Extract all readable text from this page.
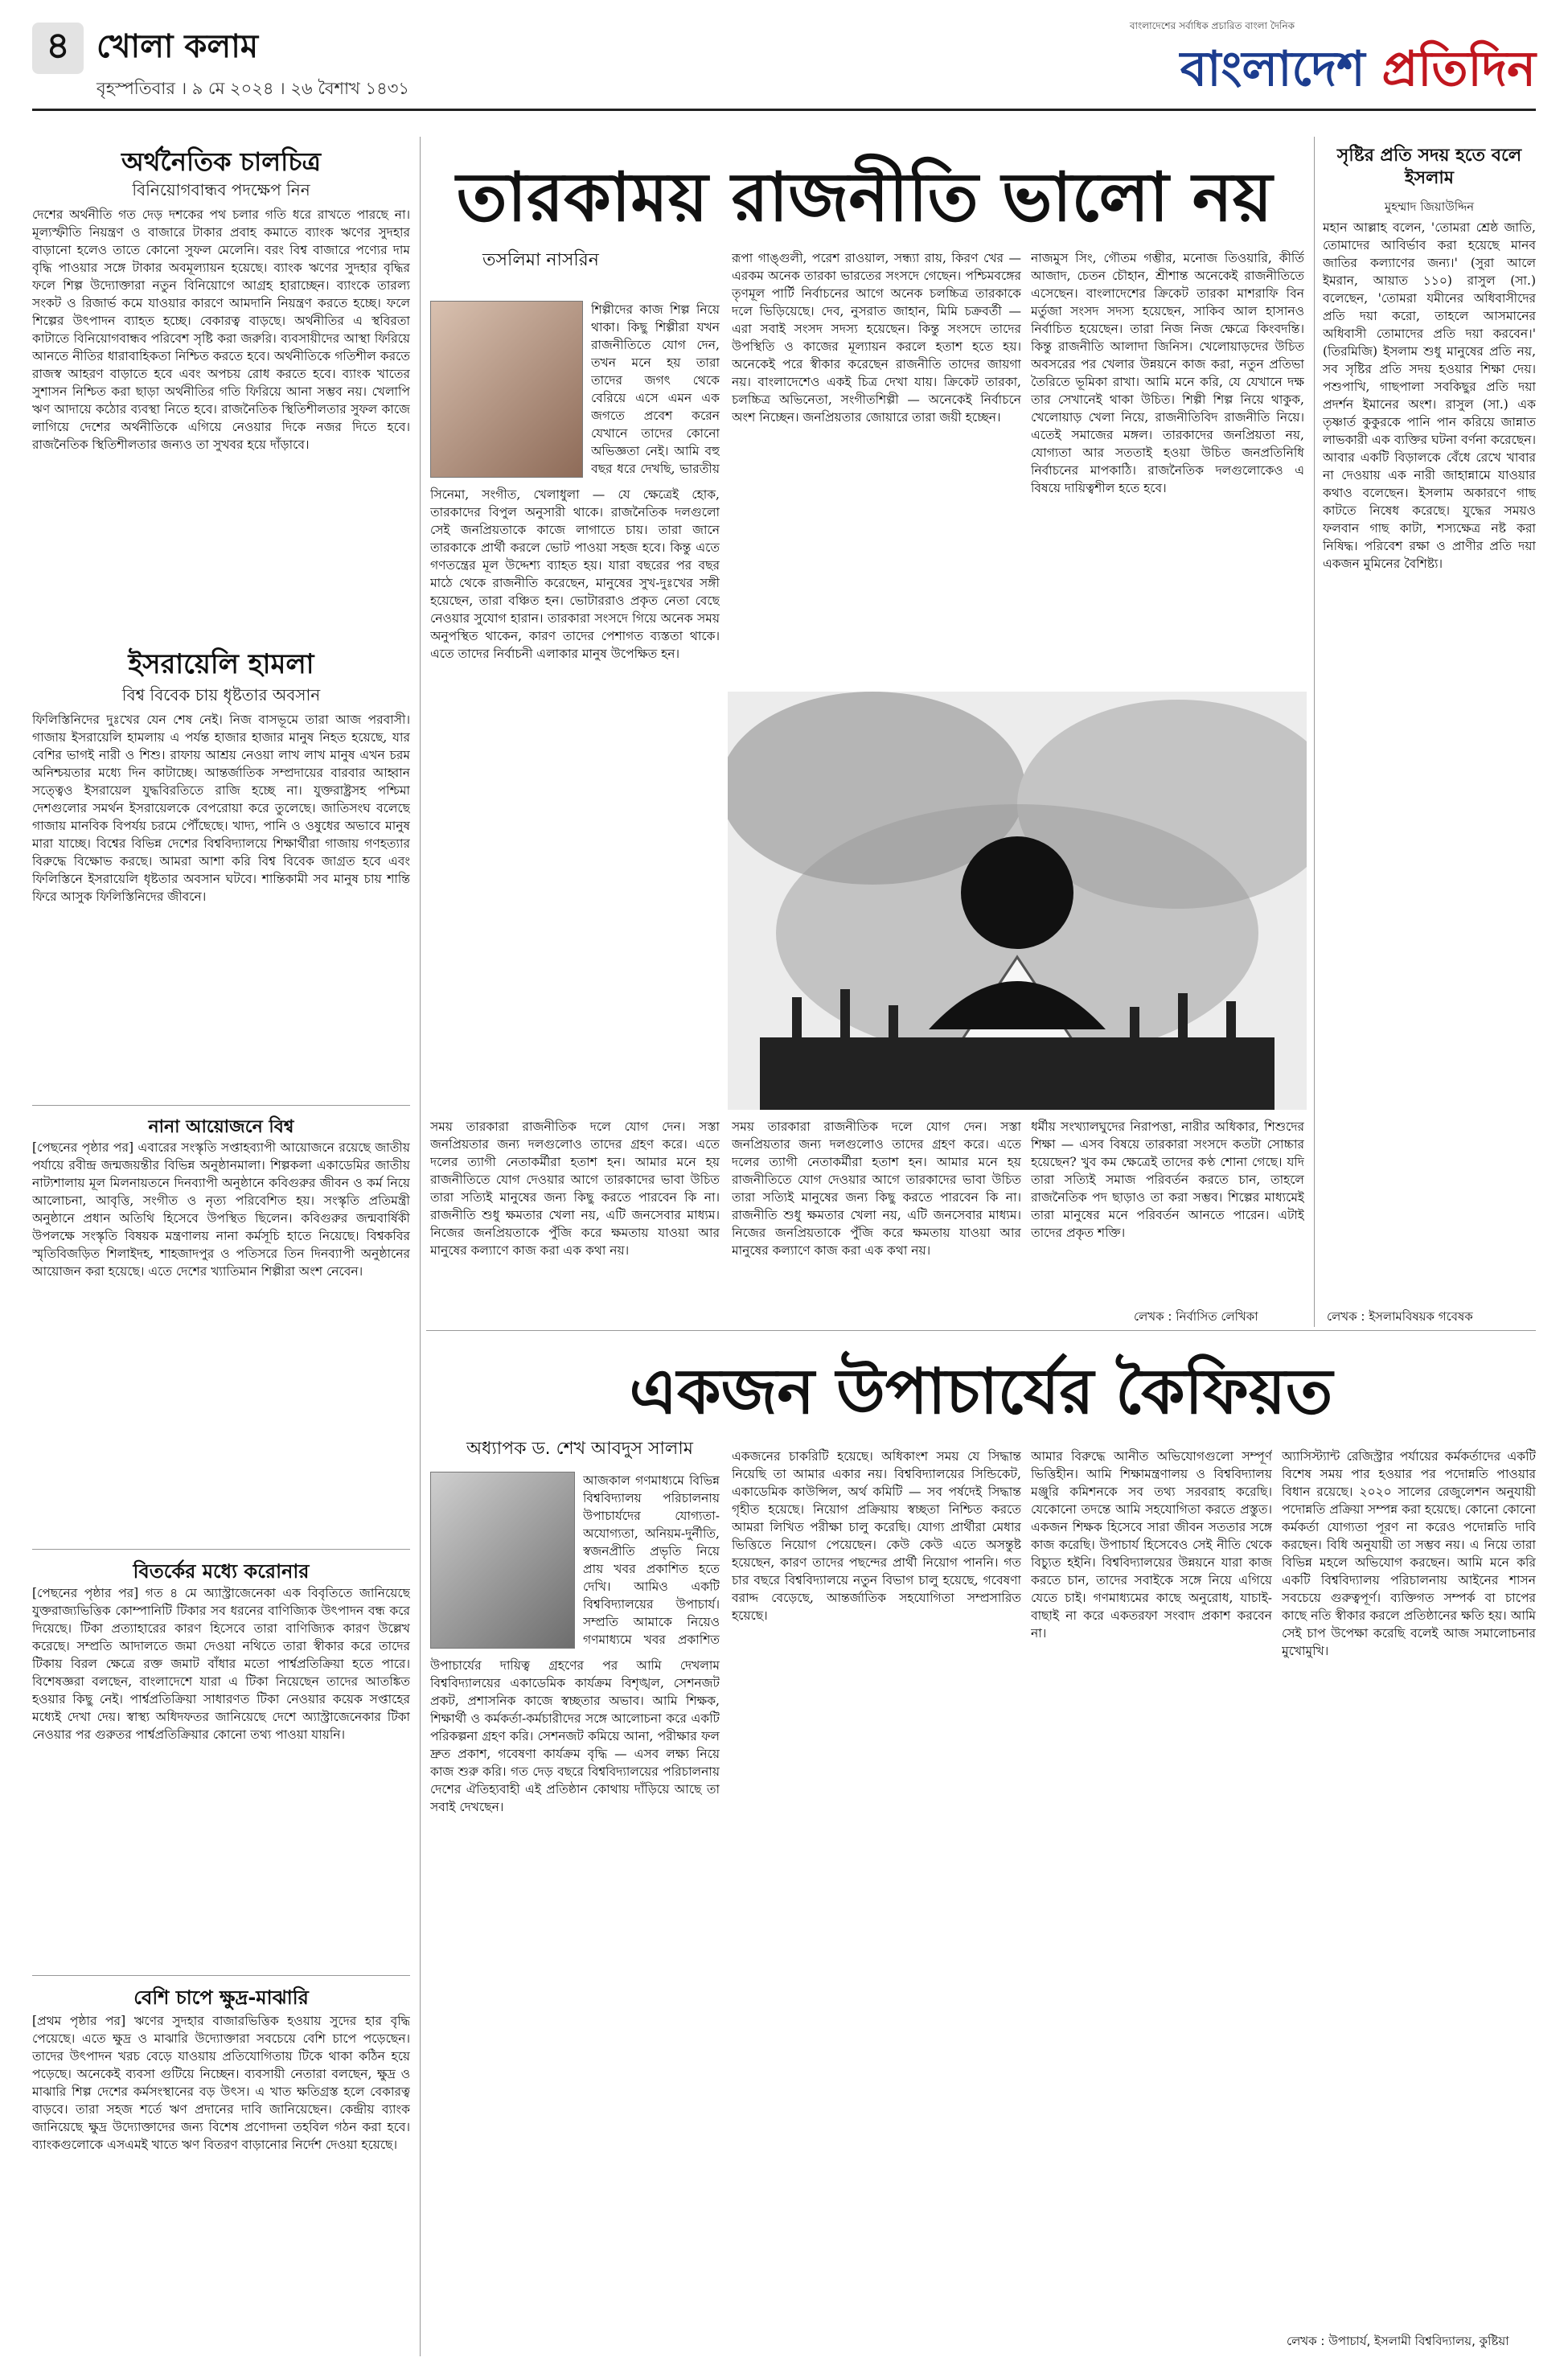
৪ খোলা কলাম
বৃহস্পতিবার । ৯ মে ২০২৪ । ২৬ বৈশাখ ১৪৩১
বাংলাদেশের সর্বাধিক প্রচারিত বাংলা দৈনিক
বাংলাদেশ প্রতিদিন
অর্থনৈতিক চালচিত্র
বিনিয়োগবান্ধব পদক্ষেপ নিন
দেশের অর্থনীতি গত দেড় দশকের পথ চলার গতি ধরে রাখতে পারছে না। মূল্যস্ফীতি নিয়ন্ত্রণ ও বাজারে টাকার প্রবাহ কমাতে ব্যাংক ঋণের সুদহার বাড়ানো হলেও তাতে কোনো সুফল মেলেনি। বরং বিশ্ব বাজারে পণ্যের দাম বৃদ্ধি পাওয়ার সঙ্গে টাকার অবমূল্যায়ন হয়েছে। ব্যাংক ঋণের সুদহার বৃদ্ধির ফলে শিল্প উদ্যোক্তারা নতুন বিনিয়োগে আগ্রহ হারাচ্ছেন। ব্যাংকে তারল্য সংকট ও রিজার্ভ কমে যাওয়ার কারণে আমদানি নিয়ন্ত্রণ করতে হচ্ছে। ফলে শিল্পের উৎপাদন ব্যাহত হচ্ছে। বেকারত্ব বাড়ছে। অর্থনীতির এ স্থবিরতা কাটাতে বিনিয়োগবান্ধব পরিবেশ সৃষ্টি করা জরুরি। ব্যবসায়ীদের আস্থা ফিরিয়ে আনতে নীতির ধারাবাহিকতা নিশ্চিত করতে হবে। অর্থনীতিকে গতিশীল করতে রাজস্ব আহরণ বাড়াতে হবে এবং অপচয় রোধ করতে হবে। ব্যাংক খাতের সুশাসন নিশ্চিত করা ছাড়া অর্থনীতির গতি ফিরিয়ে আনা সম্ভব নয়। খেলাপি ঋণ আদায়ে কঠোর ব্যবস্থা নিতে হবে। রাজনৈতিক স্থিতিশীলতার সুফল কাজে লাগিয়ে দেশের অর্থনীতিকে এগিয়ে নেওয়ার দিকে নজর দিতে হবে। রাজনৈতিক স্থিতিশীলতার জন্যও তা সুখবর হয়ে দাঁড়াবে।
ইসরায়েলি হামলা
বিশ্ব বিবেক চায় ধৃষ্টতার অবসান
ফিলিস্তিনিদের দুঃখের যেন শেষ নেই। নিজ বাসভূমে তারা আজ পরবাসী। গাজায় ইসরায়েলি হামলায় এ পর্যন্ত হাজার হাজার মানুষ নিহত হয়েছে, যার বেশির ভাগই নারী ও শিশু। রাফায় আশ্রয় নেওয়া লাখ লাখ মানুষ এখন চরম অনিশ্চয়তার মধ্যে দিন কাটাচ্ছে। আন্তর্জাতিক সম্প্রদায়ের বারবার আহ্বান সত্ত্বেও ইসরায়েল যুদ্ধবিরতিতে রাজি হচ্ছে না। যুক্তরাষ্ট্রসহ পশ্চিমা দেশগুলোর সমর্থন ইসরায়েলকে বেপরোয়া করে তুলেছে। জাতিসংঘ বলেছে গাজায় মানবিক বিপর্যয় চরমে পৌঁছেছে। খাদ্য, পানি ও ওষুধের অভাবে মানুষ মারা যাচ্ছে। বিশ্বের বিভিন্ন দেশের বিশ্ববিদ্যালয়ে শিক্ষার্থীরা গাজায় গণহত্যার বিরুদ্ধে বিক্ষোভ করছে। আমরা আশা করি বিশ্ব বিবেক জাগ্রত হবে এবং ফিলিস্তিনে ইসরায়েলি ধৃষ্টতার অবসান ঘটবে। শান্তিকামী সব মানুষ চায় শান্তি ফিরে আসুক ফিলিস্তিনিদের জীবনে।
নানা আয়োজনে বিশ্ব
[পেছনের পৃষ্ঠার পর] এবারের সংস্কৃতি সপ্তাহব্যাপী আয়োজনে রয়েছে জাতীয় পর্যায়ে রবীন্দ্র জন্মজয়ন্তীর বিভিন্ন অনুষ্ঠানমালা। শিল্পকলা একাডেমির জাতীয় নাট্যশালায় মূল মিলনায়তনে দিনব্যাপী অনুষ্ঠানে কবিগুরুর জীবন ও কর্ম নিয়ে আলোচনা, আবৃত্তি, সংগীত ও নৃত্য পরিবেশিত হয়। সংস্কৃতি প্রতিমন্ত্রী অনুষ্ঠানে প্রধান অতিথি হিসেবে উপস্থিত ছিলেন। কবিগুরুর জন্মবার্ষিকী উপলক্ষে সংস্কৃতি বিষয়ক মন্ত্রণালয় নানা কর্মসূচি হাতে নিয়েছে। বিশ্বকবির স্মৃতিবিজড়িত শিলাইদহ, শাহজাদপুর ও পতিসরে তিন দিনব্যাপী অনুষ্ঠানের আয়োজন করা হয়েছে। এতে দেশের খ্যাতিমান শিল্পীরা অংশ নেবেন।
বিতর্কের মধ্যে করোনার
[পেছনের পৃষ্ঠার পর] গত ৪ মে অ্যাস্ট্রাজেনেকা এক বিবৃতিতে জানিয়েছে যুক্তরাজ্যভিত্তিক কোম্পানিটি টিকার সব ধরনের বাণিজ্যিক উৎপাদন বন্ধ করে দিয়েছে। টিকা প্রত্যাহারের কারণ হিসেবে তারা বাণিজ্যিক কারণ উল্লেখ করেছে। সম্প্রতি আদালতে জমা দেওয়া নথিতে তারা স্বীকার করে তাদের টিকায় বিরল ক্ষেত্রে রক্ত জমাট বাঁধার মতো পার্শ্বপ্রতিক্রিয়া হতে পারে। বিশেষজ্ঞরা বলছেন, বাংলাদেশে যারা এ টিকা নিয়েছেন তাদের আতঙ্কিত হওয়ার কিছু নেই। পার্শ্বপ্রতিক্রিয়া সাধারণত টিকা নেওয়ার কয়েক সপ্তাহের মধ্যেই দেখা দেয়। স্বাস্থ্য অধিদফতর জানিয়েছে দেশে অ্যাস্ট্রাজেনেকার টিকা নেওয়ার পর গুরুতর পার্শ্বপ্রতিক্রিয়ার কোনো তথ্য পাওয়া যায়নি।
বেশি চাপে ক্ষুদ্র-মাঝারি
[প্রথম পৃষ্ঠার পর] ঋণের সুদহার বাজারভিত্তিক হওয়ায় সুদের হার বৃদ্ধি পেয়েছে। এতে ক্ষুদ্র ও মাঝারি উদ্যোক্তারা সবচেয়ে বেশি চাপে পড়েছেন। তাদের উৎপাদন খরচ বেড়ে যাওয়ায় প্রতিযোগিতায় টিকে থাকা কঠিন হয়ে পড়েছে। অনেকেই ব্যবসা গুটিয়ে নিচ্ছেন। ব্যবসায়ী নেতারা বলছেন, ক্ষুদ্র ও মাঝারি শিল্প দেশের কর্মসংস্থানের বড় উৎস। এ খাত ক্ষতিগ্রস্ত হলে বেকারত্ব বাড়বে। তারা সহজ শর্তে ঋণ প্রদানের দাবি জানিয়েছেন। কেন্দ্রীয় ব্যাংক জানিয়েছে ক্ষুদ্র উদ্যোক্তাদের জন্য বিশেষ প্রণোদনা তহবিল গঠন করা হবে। ব্যাংকগুলোকে এসএমই খাতে ঋণ বিতরণ বাড়ানোর নির্দেশ দেওয়া হয়েছে।
তারকাময় রাজনীতি ভালো নয়
তসলিমা নাসরিন
শিল্পীদের কাজ শিল্প নিয়ে থাকা। কিছু শিল্পীরা যখন রাজনীতিতে যোগ দেন, তখন মনে হয় তারা তাদের জগৎ থেকে বেরিয়ে এসে এমন এক জগতে প্রবেশ করেন যেখানে তাদের কোনো অভিজ্ঞতা নেই। আমি বহু বছর ধরে দেখছি, ভারতীয়
সিনেমা, সংগীত, খেলাধুলা — যে ক্ষেত্রেই হোক, তারকাদের বিপুল অনুসারী থাকে। রাজনৈতিক দলগুলো সেই জনপ্রিয়তাকে কাজে লাগাতে চায়। তারা জানে তারকাকে প্রার্থী করলে ভোট পাওয়া সহজ হবে। কিন্তু এতে গণতন্ত্রের মূল উদ্দেশ্য ব্যাহত হয়। যারা বছরের পর বছর মাঠে থেকে রাজনীতি করেছেন, মানুষের সুখ-দুঃখের সঙ্গী হয়েছেন, তারা বঞ্চিত হন। ভোটাররাও প্রকৃত নেতা বেছে নেওয়ার সুযোগ হারান। তারকারা সংসদে গিয়ে অনেক সময় অনুপস্থিত থাকেন, কারণ তাদের পেশাগত ব্যস্ততা থাকে। এতে তাদের নির্বাচনী এলাকার মানুষ উপেক্ষিত হন।
রূপা গাঙ্গুলী, পরেশ রাওয়াল, সন্ধ্যা রায়, কিরণ খের — এরকম অনেক তারকা ভারতের সংসদে গেছেন। পশ্চিমবঙ্গের তৃণমূল পার্টি নির্বাচনের আগে অনেক চলচ্চিত্র তারকাকে দলে ভিড়িয়েছে। দেব, নুসরাত জাহান, মিমি চক্রবর্তী — এরা সবাই সংসদ সদস্য হয়েছেন। কিন্তু সংসদে তাদের উপস্থিতি ও কাজের মূল্যায়ন করলে হতাশ হতে হয়। অনেকেই পরে স্বীকার করেছেন রাজনীতি তাদের জায়গা নয়। বাংলাদেশেও একই চিত্র দেখা যায়। ক্রিকেট তারকা, চলচ্চিত্র অভিনেতা, সংগীতশিল্পী — অনেকেই নির্বাচনে অংশ নিচ্ছেন। জনপ্রিয়তার জোয়ারে তারা জয়ী হচ্ছেন।
নাজমুস সিং, গৌতম গম্ভীর, মনোজ তিওয়ারি, কীর্তি আজাদ, চেতন চৌহান, শ্রীশান্ত অনেকেই রাজনীতিতে এসেছেন। বাংলাদেশের ক্রিকেট তারকা মাশরাফি বিন মর্তুজা সংসদ সদস্য হয়েছেন, সাকিব আল হাসানও নির্বাচিত হয়েছেন। তারা নিজ নিজ ক্ষেত্রে কিংবদন্তি। কিন্তু রাজনীতি আলাদা জিনিস। খেলোয়াড়দের উচিত অবসরের পর খেলার উন্নয়নে কাজ করা, নতুন প্রতিভা তৈরিতে ভূমিকা রাখা। আমি মনে করি, যে যেখানে দক্ষ তার সেখানেই থাকা উচিত। শিল্পী শিল্প নিয়ে থাকুক, খেলোয়াড় খেলা নিয়ে, রাজনীতিবিদ রাজনীতি নিয়ে। এতেই সমাজের মঙ্গল। তারকাদের জনপ্রিয়তা নয়, যোগ্যতা আর সততাই হওয়া উচিত জনপ্রতিনিধি নির্বাচনের মাপকাঠি। রাজনৈতিক দলগুলোকেও এ বিষয়ে দায়িত্বশীল হতে হবে।
সময় তারকারা রাজনীতিক দলে যোগ দেন। সস্তা জনপ্রিয়তার জন্য দলগুলোও তাদের গ্রহণ করে। এতে দলের ত্যাগী নেতাকর্মীরা হতাশ হন। আমার মনে হয় রাজনীতিতে যোগ দেওয়ার আগে তারকাদের ভাবা উচিত তারা সত্যিই মানুষের জন্য কিছু করতে পারবেন কি না। রাজনীতি শুধু ক্ষমতার খেলা নয়, এটি জনসেবার মাধ্যম। নিজের জনপ্রিয়তাকে পুঁজি করে ক্ষমতায় যাওয়া আর মানুষের কল্যাণে কাজ করা এক কথা নয়।
সময় তারকারা রাজনীতিক দলে যোগ দেন। সস্তা জনপ্রিয়তার জন্য দলগুলোও তাদের গ্রহণ করে। এতে দলের ত্যাগী নেতাকর্মীরা হতাশ হন। আমার মনে হয় রাজনীতিতে যোগ দেওয়ার আগে তারকাদের ভাবা উচিত তারা সত্যিই মানুষের জন্য কিছু করতে পারবেন কি না। রাজনীতি শুধু ক্ষমতার খেলা নয়, এটি জনসেবার মাধ্যম। নিজের জনপ্রিয়তাকে পুঁজি করে ক্ষমতায় যাওয়া আর মানুষের কল্যাণে কাজ করা এক কথা নয়।
ধর্মীয় সংখ্যালঘুদের নিরাপত্তা, নারীর অধিকার, শিশুদের শিক্ষা — এসব বিষয়ে তারকারা সংসদে কতটা সোচ্চার হয়েছেন? খুব কম ক্ষেত্রেই তাদের কণ্ঠ শোনা গেছে। যদি তারা সত্যিই সমাজ পরিবর্তন করতে চান, তাহলে রাজনৈতিক পদ ছাড়াও তা করা সম্ভব। শিল্পের মাধ্যমেই তারা মানুষের মনে পরিবর্তন আনতে পারেন। এটাই তাদের প্রকৃত শক্তি।
লেখক : নির্বাসিত লেখিকা
সৃষ্টির প্রতি সদয় হতে বলে ইসলাম
মুহম্মাদ জিয়াউদ্দিন
মহান আল্লাহ বলেন, 'তোমরা শ্রেষ্ঠ জাতি, তোমাদের আবির্ভাব করা হয়েছে মানব জাতির কল্যাণের জন্য।' (সুরা আলে ইমরান, আয়াত ১১০) রাসুল (সা.) বলেছেন, 'তোমরা যমীনের অধিবাসীদের প্রতি দয়া করো, তাহলে আসমানের অধিবাসী তোমাদের প্রতি দয়া করবেন।' (তিরমিজি) ইসলাম শুধু মানুষের প্রতি নয়, সব সৃষ্টির প্রতি সদয় হওয়ার শিক্ষা দেয়। পশুপাখি, গাছপালা সবকিছুর প্রতি দয়া প্রদর্শন ইমানের অংশ। রাসুল (সা.) এক তৃষ্ণার্ত কুকুরকে পানি পান করিয়ে জান্নাত লাভকারী এক ব্যক্তির ঘটনা বর্ণনা করেছেন। আবার একটি বিড়ালকে বেঁধে রেখে খাবার না দেওয়ায় এক নারী জাহান্নামে যাওয়ার কথাও বলেছেন। ইসলাম অকারণে গাছ কাটতে নিষেধ করেছে। যুদ্ধের সময়ও ফলবান গাছ কাটা, শস্যক্ষেত্র নষ্ট করা নিষিদ্ধ। পরিবেশ রক্ষা ও প্রাণীর প্রতি দয়া একজন মুমিনের বৈশিষ্ট্য।
লেখক : ইসলামবিষয়ক গবেষক
একজন উপাচার্যের কৈফিয়ত
অধ্যাপক ড. শেখ আবদুস সালাম
আজকাল গণমাধ্যমে বিভিন্ন বিশ্ববিদ্যালয় পরিচালনায় উপাচার্যদের যোগ্যতা-অযোগ্যতা, অনিয়ম-দুর্নীতি, স্বজনপ্রীতি প্রভৃতি নিয়ে প্রায় খবর প্রকাশিত হতে দেখি। আমিও একটি বিশ্ববিদ্যালয়ের উপাচার্য। সম্প্রতি আমাকে নিয়েও গণমাধ্যমে খবর প্রকাশিত
উপাচার্যের দায়িত্ব গ্রহণের পর আমি দেখলাম বিশ্ববিদ্যালয়ের একাডেমিক কার্যক্রম বিশৃঙ্খল, সেশনজট প্রকট, প্রশাসনিক কাজে স্বচ্ছতার অভাব। আমি শিক্ষক, শিক্ষার্থী ও কর্মকর্তা-কর্মচারীদের সঙ্গে আলোচনা করে একটি পরিকল্পনা গ্রহণ করি। সেশনজট কমিয়ে আনা, পরীক্ষার ফল দ্রুত প্রকাশ, গবেষণা কার্যক্রম বৃদ্ধি — এসব লক্ষ্য নিয়ে কাজ শুরু করি। গত দেড় বছরে বিশ্ববিদ্যালয়ের পরিচালনায় দেশের ঐতিহ্যবাহী এই প্রতিষ্ঠান কোথায় দাঁড়িয়ে আছে তা সবাই দেখছেন।
একজনের চাকরিটি হয়েছে। অধিকাংশ সময় যে সিদ্ধান্ত নিয়েছি তা আমার একার নয়। বিশ্ববিদ্যালয়ের সিন্ডিকেট, একাডেমিক কাউন্সিল, অর্থ কমিটি — সব পর্ষদেই সিদ্ধান্ত গৃহীত হয়েছে। নিয়োগ প্রক্রিয়ায় স্বচ্ছতা নিশ্চিত করতে আমরা লিখিত পরীক্ষা চালু করেছি। যোগ্য প্রার্থীরা মেধার ভিত্তিতে নিয়োগ পেয়েছেন। কেউ কেউ এতে অসন্তুষ্ট হয়েছেন, কারণ তাদের পছন্দের প্রার্থী নিয়োগ পাননি। গত চার বছরে বিশ্ববিদ্যালয়ে নতুন বিভাগ চালু হয়েছে, গবেষণা বরাদ্দ বেড়েছে, আন্তর্জাতিক সহযোগিতা সম্প্রসারিত হয়েছে।
আমার বিরুদ্ধে আনীত অভিযোগগুলো সম্পূর্ণ ভিত্তিহীন। আমি শিক্ষামন্ত্রণালয় ও বিশ্ববিদ্যালয় মঞ্জুরি কমিশনকে সব তথ্য সরবরাহ করেছি। যেকোনো তদন্তে আমি সহযোগিতা করতে প্রস্তুত। একজন শিক্ষক হিসেবে সারা জীবন সততার সঙ্গে কাজ করেছি। উপাচার্য হিসেবেও সেই নীতি থেকে বিচ্যুত হইনি। বিশ্ববিদ্যালয়ের উন্নয়নে যারা কাজ করতে চান, তাদের সবাইকে সঙ্গে নিয়ে এগিয়ে যেতে চাই। গণমাধ্যমের কাছে অনুরোধ, যাচাই-বাছাই না করে একতরফা সংবাদ প্রকাশ করবেন না।
অ্যাসিস্ট্যান্ট রেজিস্ট্রার পর্যায়ের কর্মকর্তাদের একটি বিশেষ সময় পার হওয়ার পর পদোন্নতি পাওয়ার বিধান রয়েছে। ২০২০ সালের রেজুলেশন অনুযায়ী পদোন্নতি প্রক্রিয়া সম্পন্ন করা হয়েছে। কোনো কোনো কর্মকর্তা যোগ্যতা পূরণ না করেও পদোন্নতি দাবি করছেন। বিধি অনুযায়ী তা সম্ভব নয়। এ নিয়ে তারা বিভিন্ন মহলে অভিযোগ করছেন। আমি মনে করি একটি বিশ্ববিদ্যালয় পরিচালনায় আইনের শাসন সবচেয়ে গুরুত্বপূর্ণ। ব্যক্তিগত সম্পর্ক বা চাপের কাছে নতি স্বীকার করলে প্রতিষ্ঠানের ক্ষতি হয়। আমি সেই চাপ উপেক্ষা করেছি বলেই আজ সমালোচনার মুখোমুখি।
লেখক : উপাচার্য, ইসলামী বিশ্ববিদ্যালয়, কুষ্টিয়া
